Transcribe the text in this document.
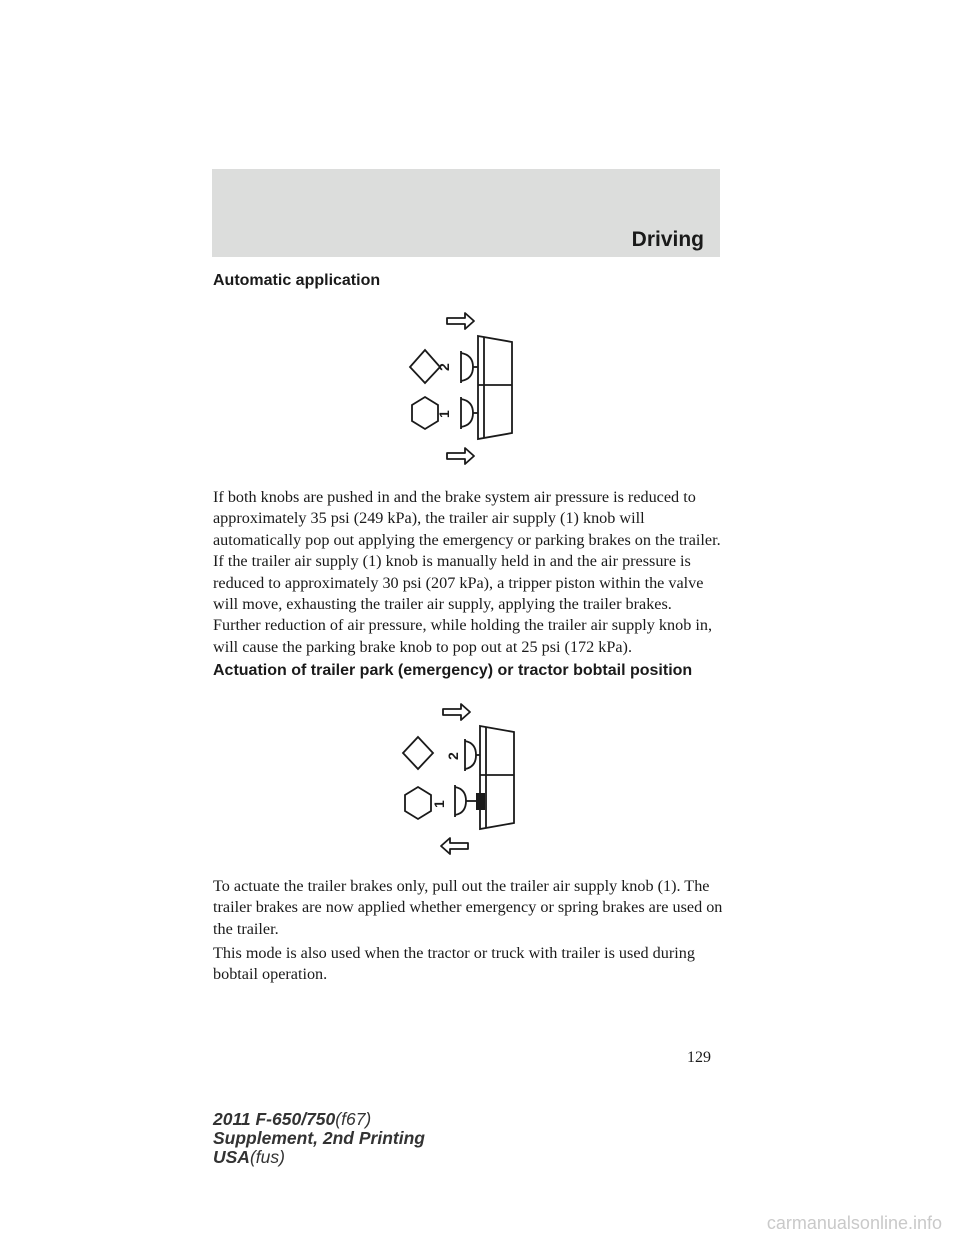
Driving
Automatic application
2
1

If both knobs are pushed in and the brake system air pressure is reduced to approximately 35 psi (249 kPa), the trailer air supply (1) knob will automatically pop out applying the emergency or parking brakes on the trailer. If the trailer air supply (1) knob is manually held in and the air pressure is reduced to approximately 30 psi (207 kPa), a tripper piston within the valve will move, exhausting the trailer air supply, applying the trailer brakes. Further reduction of air pressure, while holding the trailer air supply knob in, will cause the parking brake knob to pop out at 25 psi (172 kPa).

Actuation of trailer park (emergency) or tractor bobtail position
2
1

To actuate the trailer brakes only, pull out the trailer air supply knob (1). The trailer brakes are now applied whether emergency or spring brakes are used on the trailer.

This mode is also used when the tractor or truck with trailer is used during bobtail operation.

129

2011 F-650/750(f67)
Supplement, 2nd Printing
USA(fus)
carmanualsonline.info
